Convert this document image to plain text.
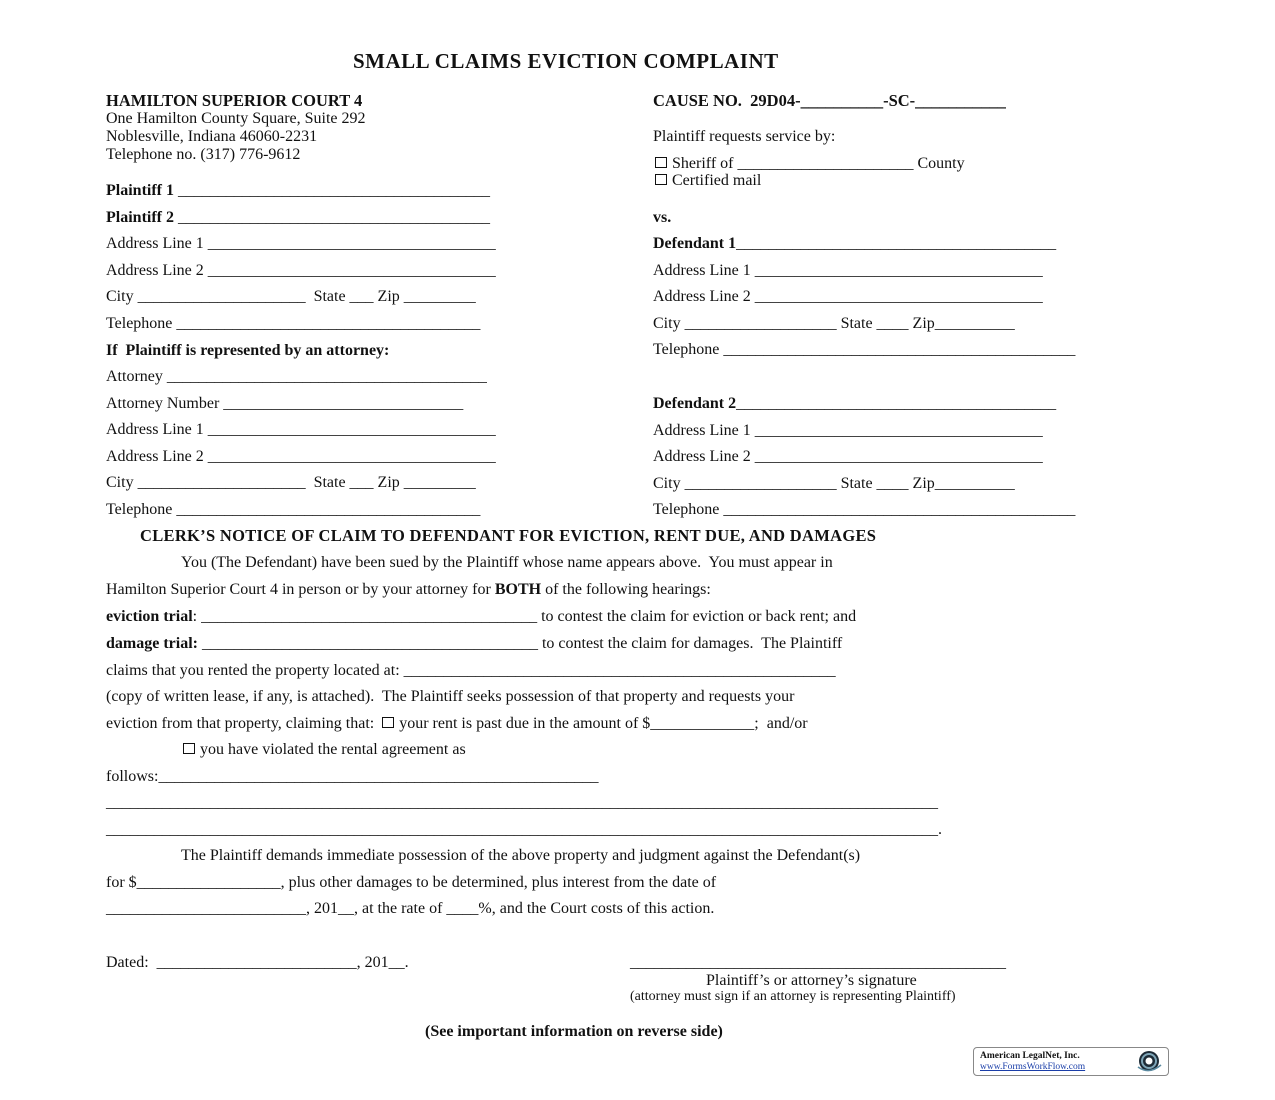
SMALL CLAIMS EVICTION COMPLAINT
HAMILTON SUPERIOR COURT 4
One Hamilton County Square, Suite 292
Noblesville, Indiana 46060-2231
Telephone no. (317) 776-9612
CAUSE NO.  29D04-__________-SC-___________
Plaintiff requests service by:
Sheriff of ______________________ County
Certified mail
Plaintiff 1 _______________________________________
Plaintiff 2 _______________________________________
Address Line 1 ____________________________________
Address Line 2 ____________________________________
City _____________________  State ___ Zip _________
Telephone ______________________________________
If  Plaintiff is represented by an attorney:
Attorney ________________________________________
Attorney Number ______________________________
Address Line 1 ____________________________________
Address Line 2 ____________________________________
City _____________________  State ___ Zip _________
Telephone ______________________________________
vs.
Defendant 1________________________________________
Address Line 1 ____________________________________
Address Line 2 ____________________________________
City ___________________ State ____ Zip__________
Telephone ____________________________________________
Defendant 2________________________________________
Address Line 1 ____________________________________
Address Line 2 ____________________________________
City ___________________ State ____ Zip__________
Telephone ____________________________________________
CLERK’S NOTICE OF CLAIM TO DEFENDANT FOR EVICTION, RENT DUE, AND DAMAGES
You (The Defendant) have been sued by the Plaintiff whose name appears above.  You must appear in
Hamilton Superior Court 4 in person or by your attorney for BOTH of the following hearings:
eviction trial: __________________________________________ to contest the claim for eviction or back rent; and
damage trial: __________________________________________ to contest the claim for damages.  The Plaintiff
claims that you rented the property located at: ______________________________________________________
(copy of written lease, if any, is attached).  The Plaintiff seeks possession of that property and requests your
eviction from that property, claiming that:  your rent is past due in the amount of $_____________;  and/or
you have violated the rental agreement as
follows:_______________________________________________________
________________________________________________________________________________________________________
________________________________________________________________________________________________________.
The Plaintiff demands immediate possession of the above property and judgment against the Defendant(s)
for $__________________, plus other damages to be determined, plus interest from the date of
_________________________, 201__, at the rate of ____%, and the Court costs of this action.
Dated:  _________________________, 201__.	_______________________________________________
Plaintiff’s or attorney’s signature
(attorney must sign if an attorney is representing Plaintiff)
(See important information on reverse side)
American LegalNet, Inc.
www.FormsWorkFlow.com
